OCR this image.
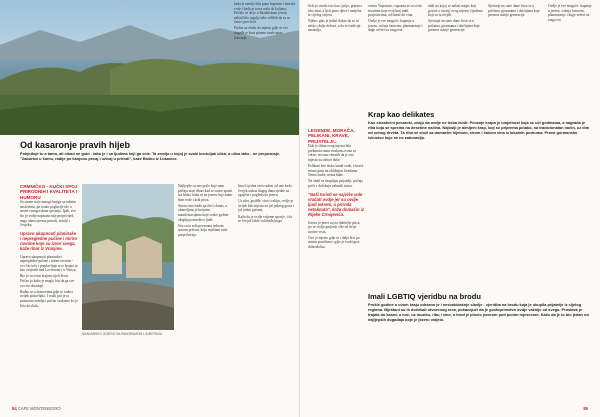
Od kasaronje pravih hijeb
Pobjeđuje tu a tamo, ali nikad ne gubi - tako je i sa ljudima koji ga vole. Ta zemlja u kojoj je svaki brežuljak ulica, a ulica tako - ne prepoznaje. "Zaboravi u šumu, radije po kanjonu pecaj i uživaj u prirodi", kaže Boško iz Lukavice.
CRMNIČKO - KUČKI SPOJ PRIRODNIH I KVALITETA I HUMORU

Sa strane stoje mnoge knjige sa tužnim naslovima, pa svako poglavlje ide u susret crnogorskom sjećanju. Ipak, sve što je ovdje napisano nije propovijed, nego odnos prema prirodi, zemlji i čovjeku.

Upravo ukupnosti planinske i nepregledne pučine i mirno ravnine koje su izvor svega, kaže ribar iz Vranjine.

Upravo ukupnosti planinske i nepregledne pučine i mirno ravnine - ovo što teče i preplavljuje srce brojno je kao zvijezde nad Lovćenom i u Vrmcu.

Bio je sa ovim krajem cijeli život. Pričao je kako je moglo biti da ga sve ovo ne obraduje.

Rađao se u domovima gdje se radost uvijek ponavljala. I svaki put je tu poznavao zemlju i pričao svakome ko je htio da sluša.

kada je zemlja bila puna kopnene i morske vode i kada je trava rasla do koljena. Pričalo se da je u Skadarskom jezeru nekad bilo jegulja tako velikih da su se čamci prevrtali.

Prolaz uz obalu do mjesta gdje se sve događa je kroz pitome uvale pune lokvanja.

SKADARSKO JEZERO SA PANORAMOM LJUBOTINJA

Najljepše su one priče koje nam pričaju stari ribari kad se sunce spusti iza brda i kada se na jezeru čuje samo šum vode i krik ptica.

Sirota crna tradicija živi i danas, a obnovljena je brojnim manifestacijama koje svake godine okupljaju mnoštvo ljudi.

Sva su ta sela povezana jednom starom pričom, koju mještani rado prepričavaju.

Ima li ijedna veća radost od one kada čovjek nakon dugog dana sjedne uz ognjište i pogleda ka jezeru.

Uz ribu, grožđe, vino i rakiju, ovdje je uvijek bilo mjesta za još jednog gosta i još jednu pjesmu.

Kažu da je ovdje vrijeme sporije, i da se čovjek lakše oslobađa briga.

84 CAFE MONTENEGRO

Selo je ostalo isto kao i prije, prazno i tiho zimi, a ljeti puno djece i smijeha iz cijelog svijeta.

Njihov glas je jedini dokaz da se tu nešto i dalje dešava, a da se tradicija nastavlja.

centru Virpazara, i upozna se sa svim stvarima koje ovaj kraj nudi posjetiocima, od hrane do vina.

Ovdje je sve moguće: kupanje u jezeru, vožnja čamcem, planinarenje i duge večeri uz razgovor.

tabli na kojoj se nalazi natpis koji govori o istoriji ovog mjesta i ljudima koji su tu živjeli.

Sjećanje na stare dane čuva se u pričama, pjesmama i običajima koje prenose starije generacije.

Sjećanje na stare dane čuva se u pričama, pjesmama i običajima koje prenose starije generacije.

Ovdje je sve moguće: kupanje u jezeru, vožnja čamcem, planinarenje i duge večeri uz razgovor.

LEGENDE, MORAČA, PELIKANI, KRAVE, PRIJATELJI...

Dok je tišina ovog mjesta bila prekinuta samo zvukom zvona sa crkve, mi smo shvatili da je ovo mjesto za odmor duše.

Pelikani lete nisko iznad vode, a krave mirno pasu na obližnjim livadama. Nema žurbe, nema buke.

Na obali se skupljaju prijatelji, pričaju priče i dočekuju zalazak sunca.

"Naši turisti se najviše vole vraćati ovdje jer su ovdje ljudi iskreni, a priroda netaknuta", kaže domaćin iz Rijeke Crnojevića.

Jezero je pravi raj za ljubitelje ptica, jer se ovdje gnijezdi više od dvije stotine vrsta.

Ovo je mjesto gdje se i dalje živi po starim pravilima i gdje je svaki gost dobrodošao.

Krap kao delikates
Kao strastveni pecaroši, znaju da ovdje ne treba žuriti. Pecanje krapa je umjetnost koja se uči godinama, a nagrada je riba koja se sprema na desetine načina. Najbolji je dimljeni krap, koji se priprema polako, na tradicionalan način, uz dim od suhog drveta. Ta riba se služi sa domaćim hljebom, sirom i čašom vina iz lokalnih podruma. Pravo gurmansko iskustvo koje se ne zaboravlja.
Imali LGBTIQ vjeridbu na brodu
Prošle godine u ovom kraju održano je i nesvakidašnje slavlje - vjeridba na brodu koja je okupila prijatelje iz cijelog regiona. Mještani su ih dočekali otvorenog srca, pokazujući da je gostoprimstvo ovdje važnije od svega. Proslava je trajala do kasno u noć, uz muziku, ribu i vino, a brod je plovio jezerom pod punim mjesecom. Kažu da je to bio jedan od najljepših događaja koje je jezero vidjelo.
85
